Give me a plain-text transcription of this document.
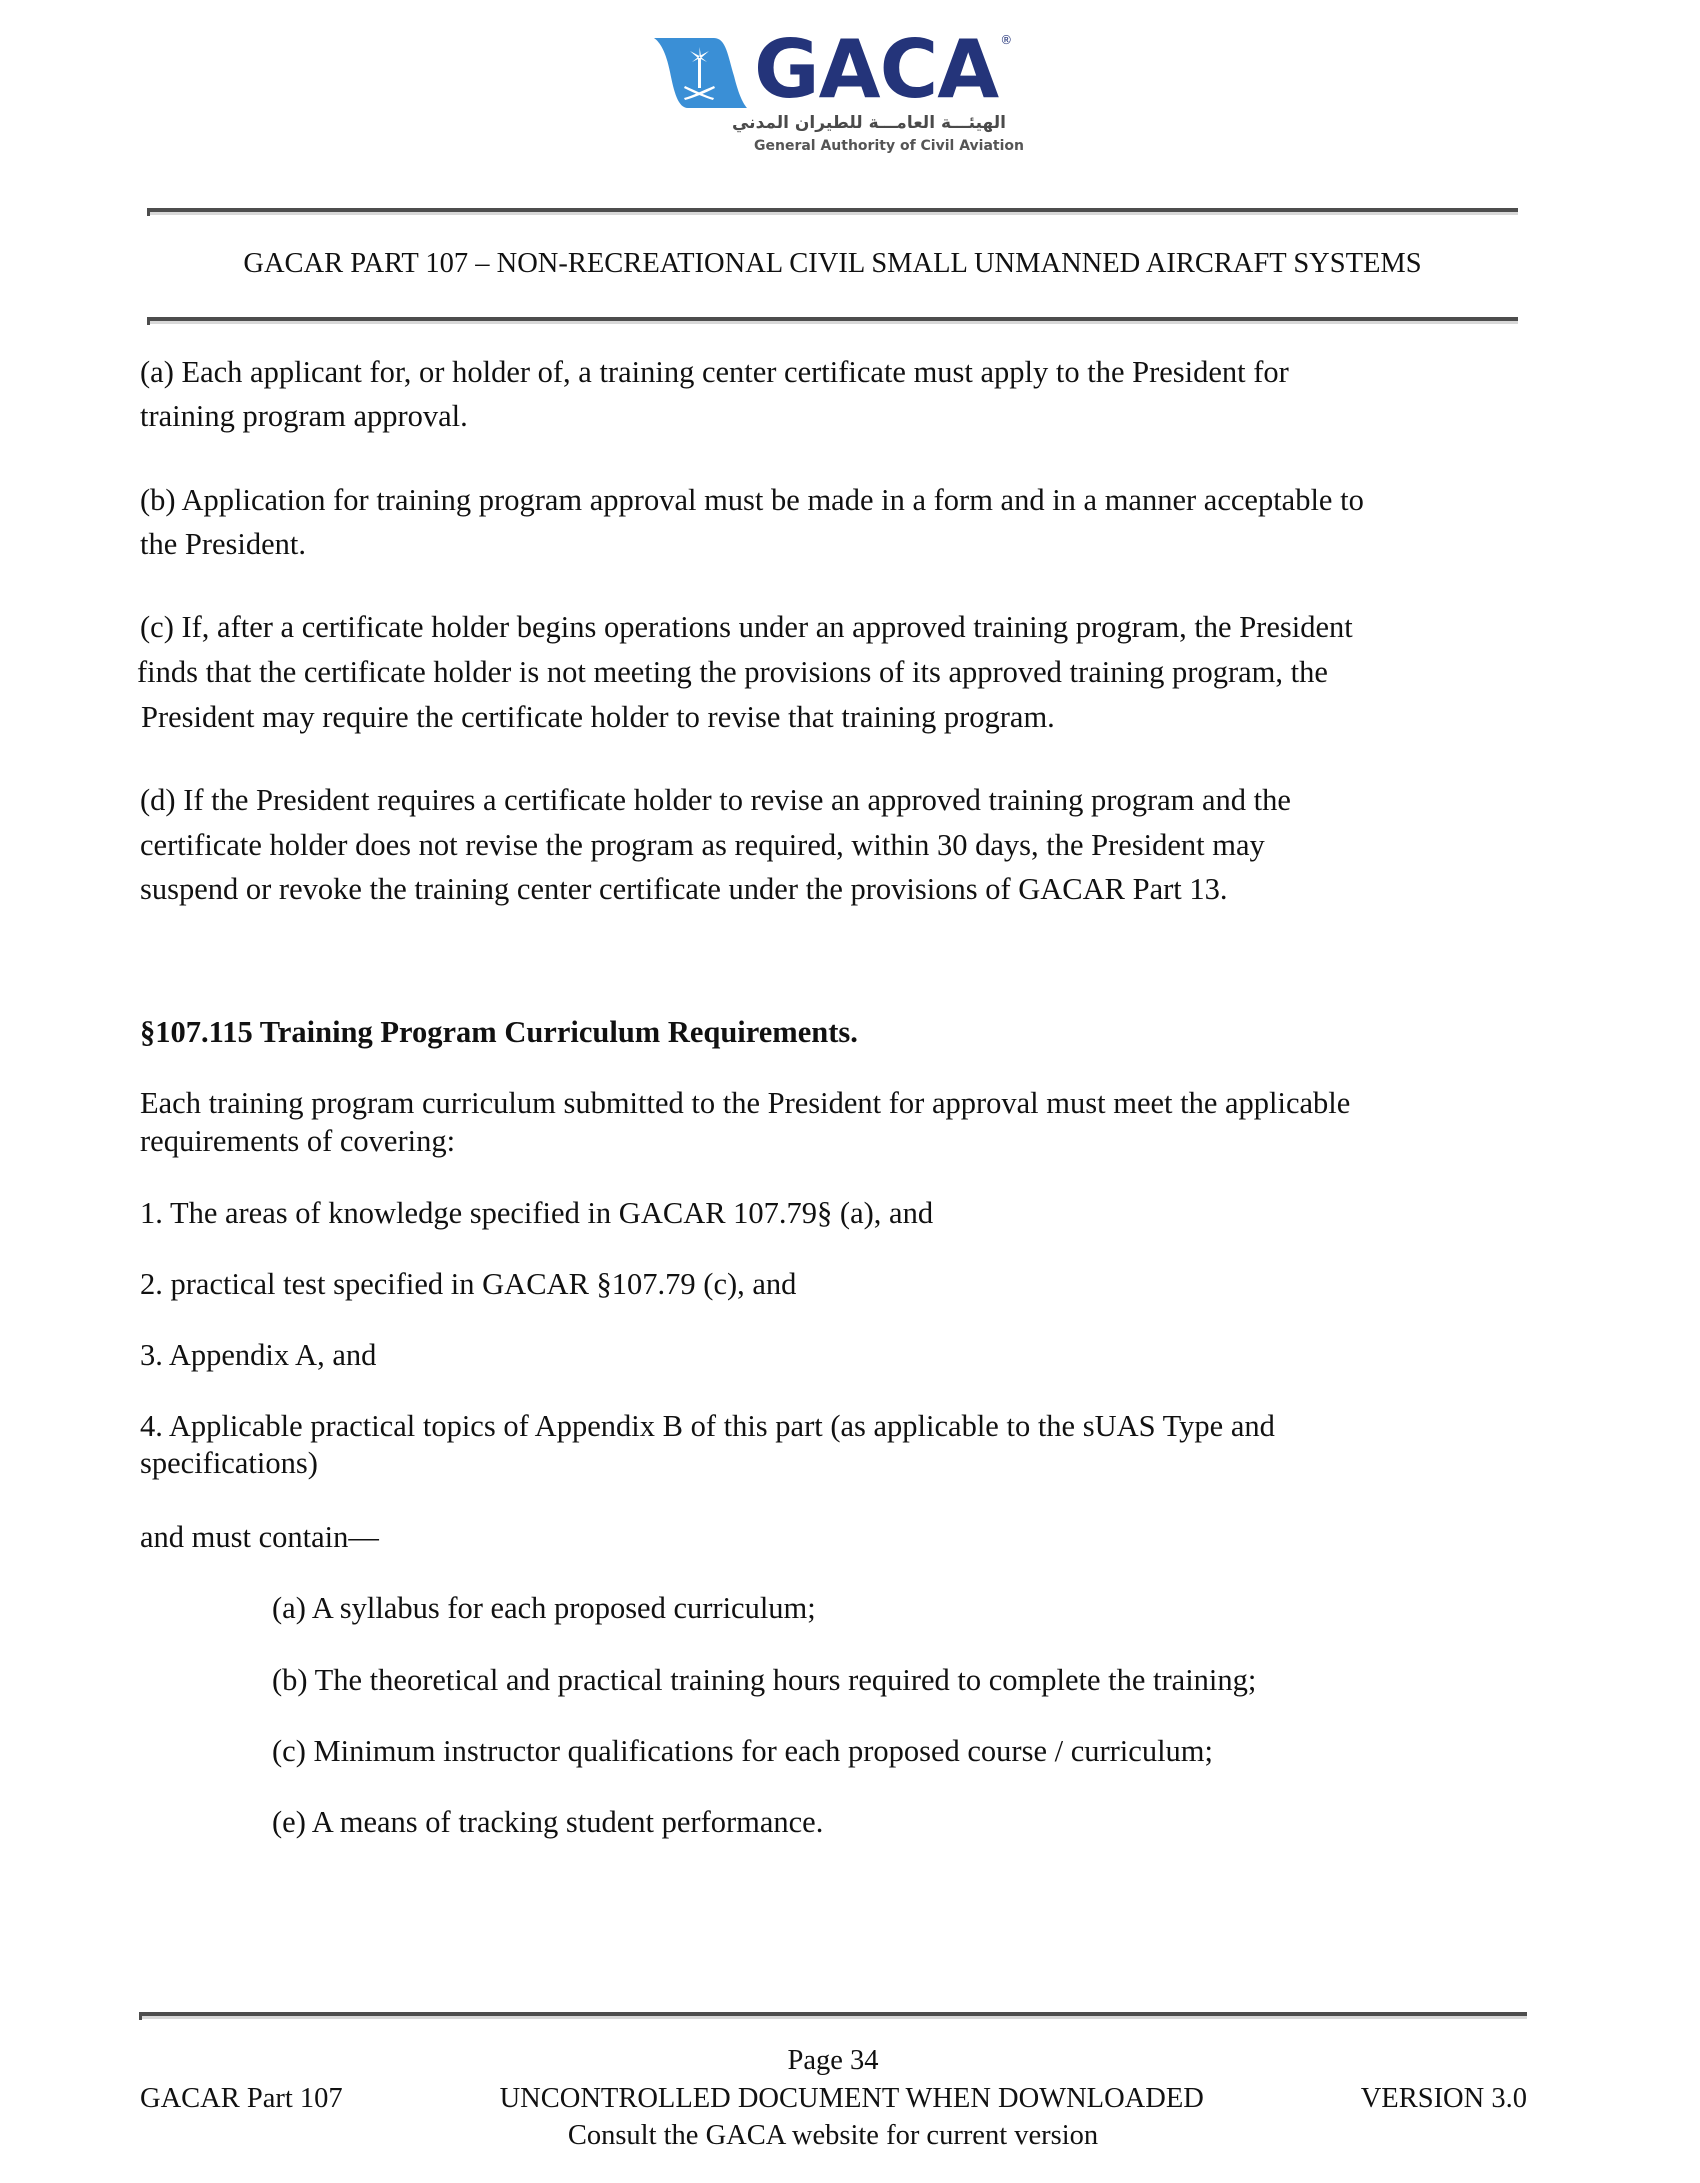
GACA ®
الهيئـــة العامـــة للطيران المدني
General Authority of Civil Aviation
GACAR PART 107 – NON-RECREATIONAL CIVIL SMALL UNMANNED AIRCRAFT SYSTEMS
(a) Each applicant for, or holder of, a training center certificate must apply to the President for
training program approval.
(b) Application for training program approval must be made in a form and in a manner acceptable to
the President.
(c) If, after a certificate holder begins operations under an approved training program, the President
finds that the certificate holder is not meeting the provisions of its approved training program, the
President may require the certificate holder to revise that training program.
(d) If the President requires a certificate holder to revise an approved training program and the
certificate holder does not revise the program as required, within 30 days, the President may
suspend or revoke the training center certificate under the provisions of GACAR Part 13.
§107.115 Training Program Curriculum Requirements.
Each training program curriculum submitted to the President for approval must meet the applicable
requirements of covering:
1. The areas of knowledge specified in GACAR 107.79§ (a), and
2. practical test specified in GACAR §107.79 (c), and
3. Appendix A, and
4. Applicable practical topics of Appendix B of this part (as applicable to the sUAS Type and
specifications)
and must contain—
(a) A syllabus for each proposed curriculum;
(b) The theoretical and practical training hours required to complete the training;
(c) Minimum instructor qualifications for each proposed course / curriculum;
(e) A means of tracking student performance.
Page 34
GACAR Part 107	UNCONTROLLED DOCUMENT WHEN DOWNLOADED	VERSION 3.0
Consult the GACA website for current version
